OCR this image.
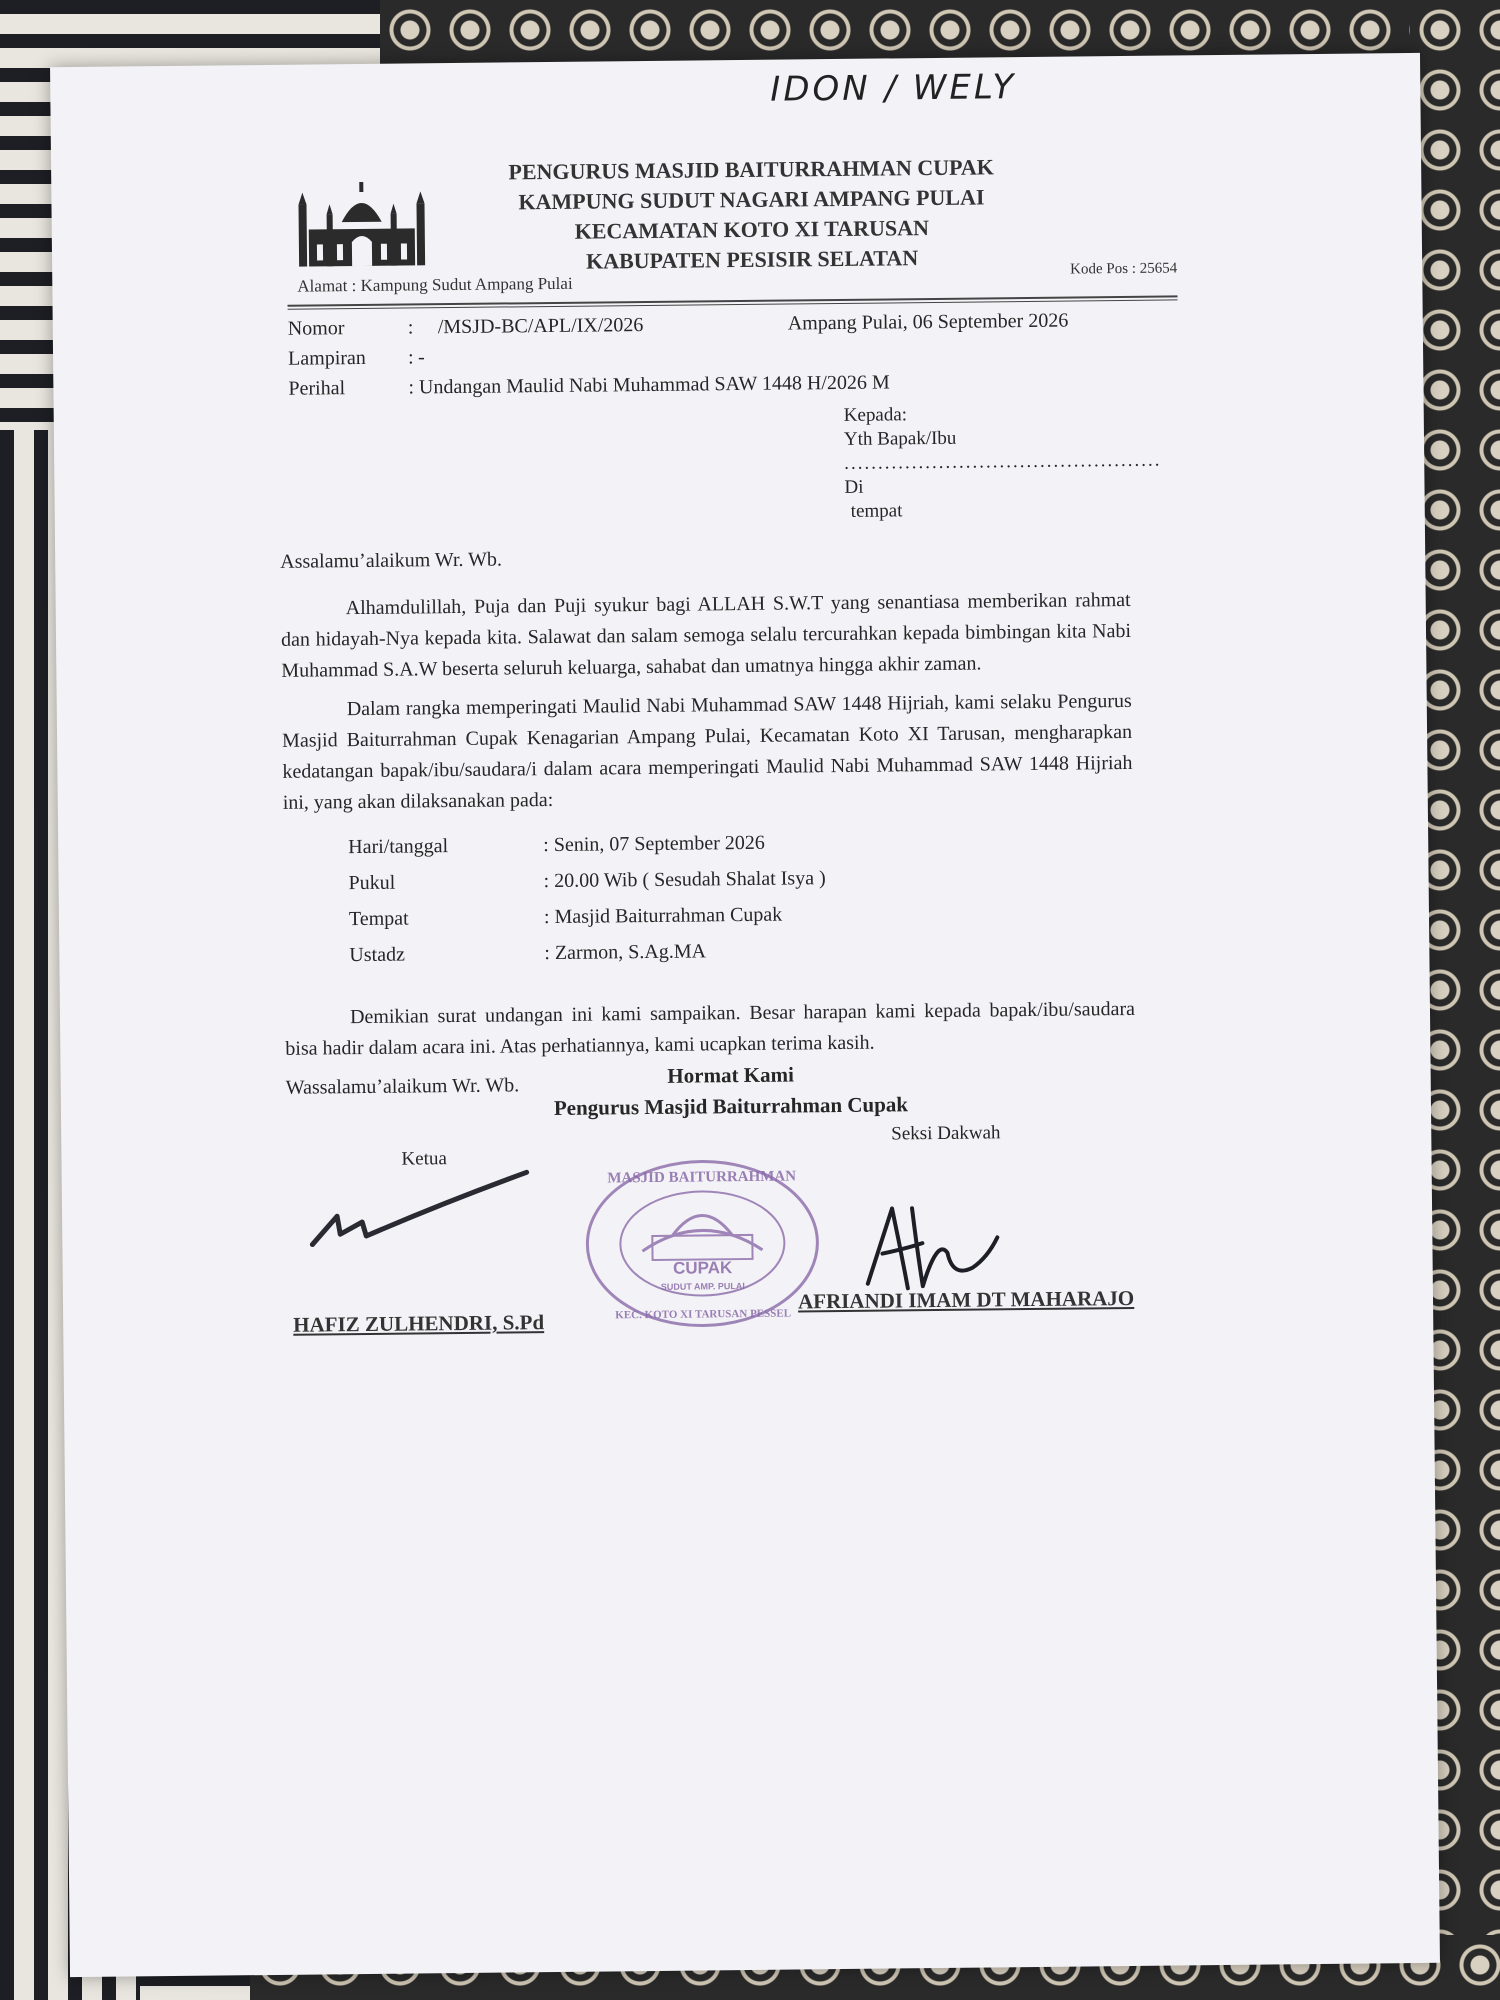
IDON / WELY
PENGURUS MASJID BAITURRAHMAN CUPAK
KAMPUNG SUDUT NAGARI AMPANG PULAI
KECAMATAN KOTO XI TARUSAN
KABUPATEN PESISIR SELATAN
Alamat : Kampung Sudut Ampang Pulai
Kode Pos : 25654
Nomor	: /MSJD-BC/APL/IX/2026	Ampang Pulai, 06 September 2026
Lampiran : -
Perihal	: Undangan Maulid Nabi Muhammad SAW 1448 H/2026 M
Kepada:
Yth Bapak/Ibu
...............................................
Di
tempat

Assalamu’alaikum Wr. Wb.

Alhamdulillah, Puja dan Puji syukur bagi ALLAH S.W.T yang senantiasa memberikan rahmat dan hidayah-Nya kepada kita. Salawat dan salam semoga selalu tercurahkan kepada bimbingan kita Nabi Muhammad S.A.W beserta seluruh keluarga, sahabat dan umatnya hingga akhir zaman.

Dalam rangka memperingati Maulid Nabi Muhammad SAW 1448 Hijriah, kami selaku Pengurus Masjid Baiturrahman Cupak Kenagarian Ampang Pulai, Kecamatan Koto XI Tarusan, mengharapkan kedatangan bapak/ibu/saudara/i dalam acara memperingati Maulid Nabi Muhammad SAW 1448 Hijriah ini, yang akan dilaksanakan pada:

Hari/tanggal	: Senin, 07 September 2026
Pukul	: 20.00 Wib ( Sesudah Shalat Isya )
Tempat	: Masjid Baiturrahman Cupak
Ustadz	: Zarmon, S.Ag.MA

Demikian surat undangan ini kami sampaikan. Besar harapan kami kepada bapak/ibu/saudara bisa hadir dalam acara ini. Atas perhatiannya, kami ucapkan terima kasih.

Wassalamu’alaikum Wr. Wb.	Hormat Kami
Pengurus Masjid Baiturrahman Cupak
Ketua
Seksi Dakwah
CUPAK
SUDUT AMP. PULAI
MASJID BAITURRAHMAN
KEC. KOTO XI TARUSAN PESSEL
HAFIZ ZULHENDRI, S.Pd
AFRIANDI IMAM DT MAHARAJO
